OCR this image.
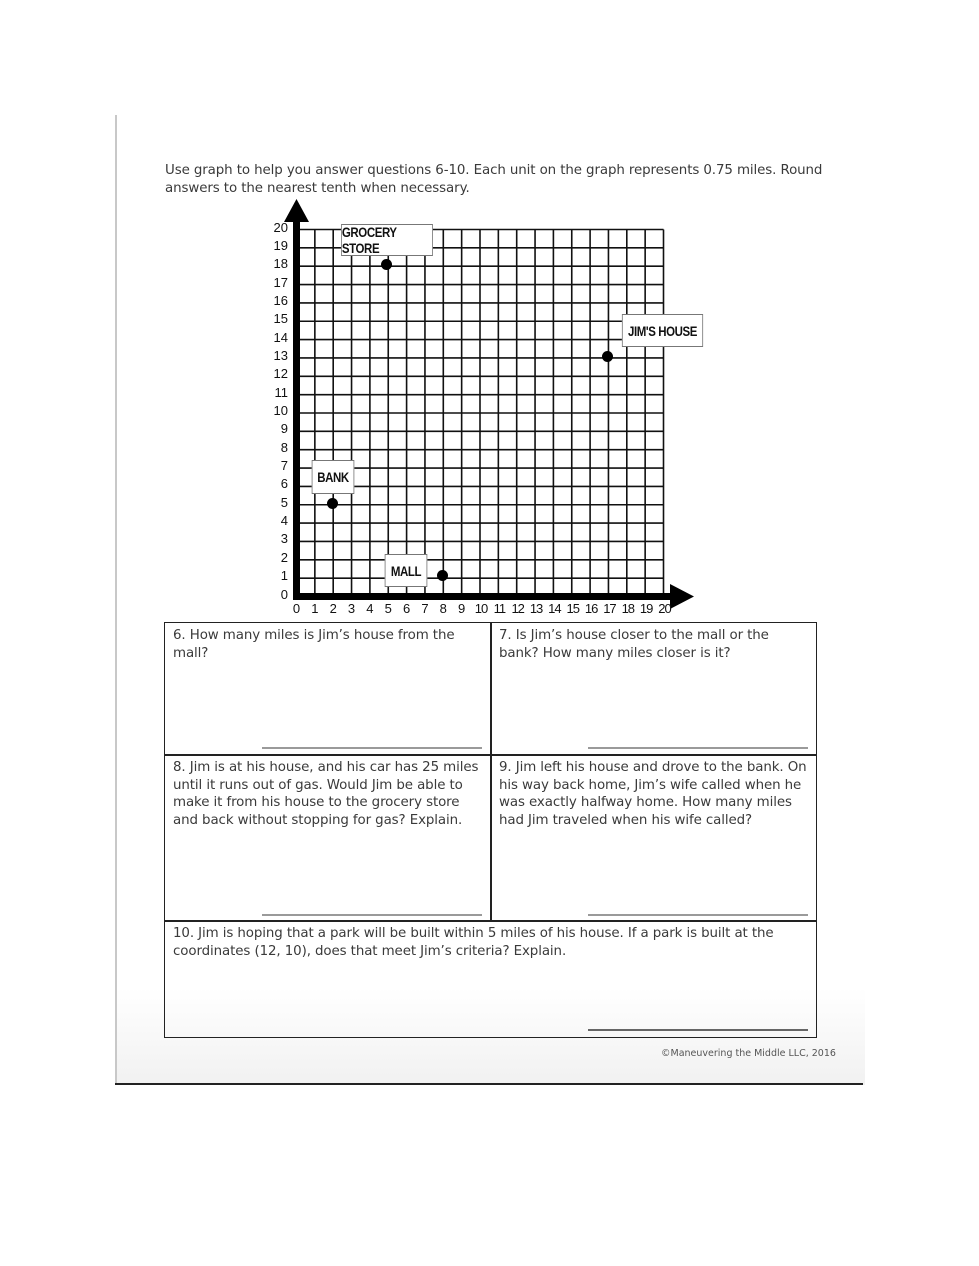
Use graph to help you answer questions 6-10. Each unit on the graph represents 0.75 miles. Round answers to the nearest tenth when necessary.
0
1
2
3
4
5
6
7
8
9
10
11
12
13
14
15
16
17
18
19
20
0 1 2 3 4 5 6 7 8 9 10 11 12 13 14 15 16 17 18 19 20
GROCERY STORE
JIM'S HOUSE
BANK
MALL
6. How many miles is Jim’s house from the mall?
7. Is Jim’s house closer to the mall or the bank? How many miles closer is it?
8. Jim is at his house, and his car has 25 miles until it runs out of gas. Would Jim be able to make it from his house to the grocery store and back without stopping for gas? Explain.
9. Jim left his house and drove to the bank. On his way back home, Jim’s wife called when he was exactly halfway home. How many miles had Jim traveled when his wife called?
10. Jim is hoping that a park will be built within 5 miles of his house. If a park is built at the coordinates (12, 10), does that meet Jim’s criteria? Explain.
©Maneuvering the Middle LLC, 2016
